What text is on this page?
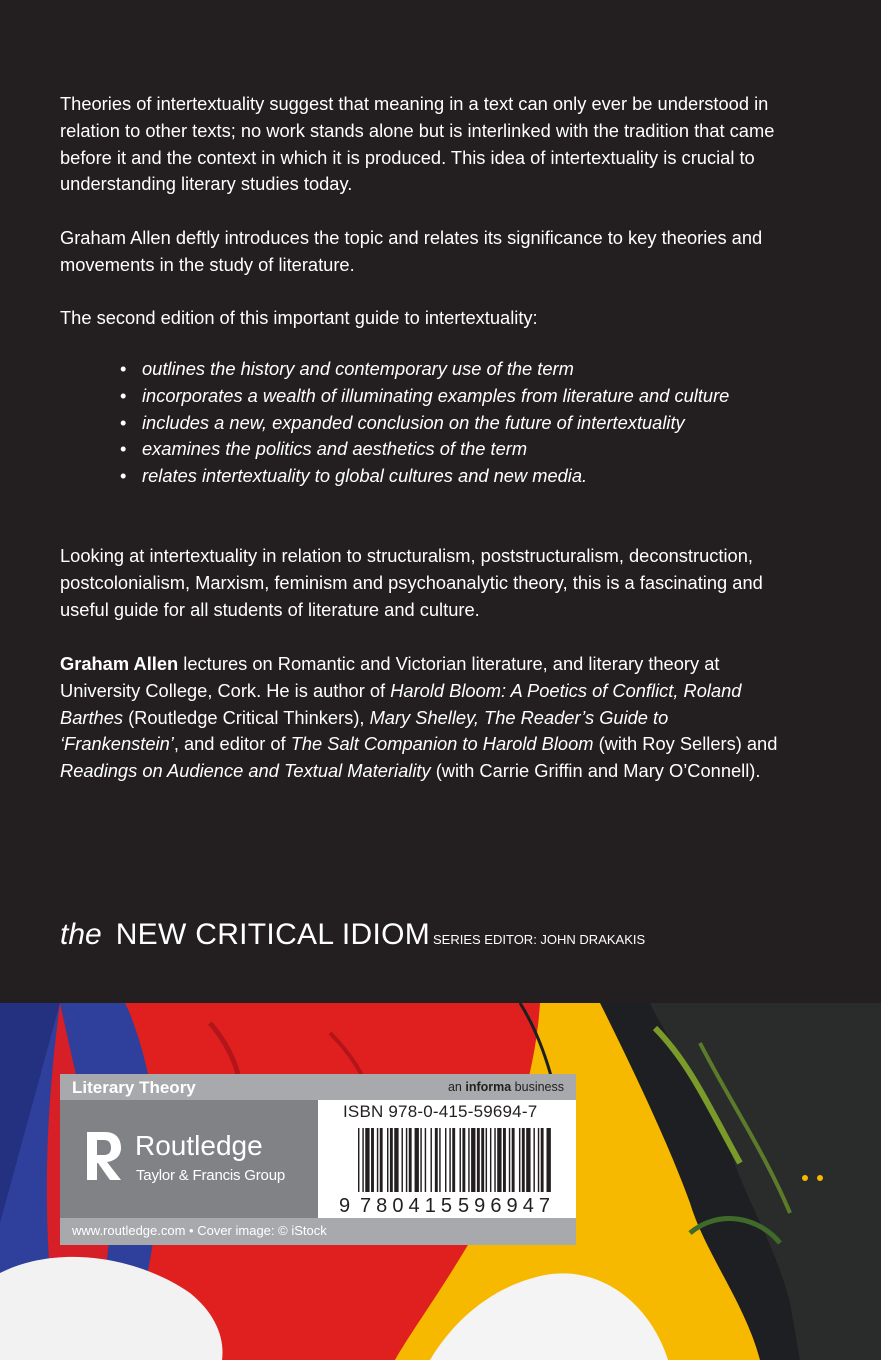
Theories of intertextuality suggest that meaning in a text can only ever be understood in relation to other texts; no work stands alone but is interlinked with the tradition that came before it and the context in which it is produced. This idea of intertextuality is crucial to understanding literary studies today.

Graham Allen deftly introduces the topic and relates its significance to key theories and movements in the study of literature.

The second edition of this important guide to intertextuality:

• outlines the history and contemporary use of the term
• incorporates a wealth of illuminating examples from literature and culture
• includes a new, expanded conclusion on the future of intertextuality
• examines the politics and aesthetics of the term
• relates intertextuality to global cultures and new media.

Looking at intertextuality in relation to structuralism, poststructuralism, deconstruction, postcolonialism, Marxism, feminism and psychoanalytic theory, this is a fascinating and useful guide for all students of literature and culture.

Graham Allen lectures on Romantic and Victorian literature, and literary theory at University College, Cork. He is author of Harold Bloom: A Poetics of Conflict, Roland Barthes (Routledge Critical Thinkers), Mary Shelley, The Reader’s Guide to ‘Frankenstein’, and editor of The Salt Companion to Harold Bloom (with Roy Sellers) and Readings on Audience and Textual Materiality (with Carrie Griffin and Mary O’Connell).

the NEW CRITICAL IDIOM SERIES EDITOR: JOHN DRAKAKIS
Literary Theory	an informa business
Routledge
Taylor & Francis Group
ISBN 978-0-415-59694-7
9 780415 596947
www.routledge.com • Cover image: © iStock
